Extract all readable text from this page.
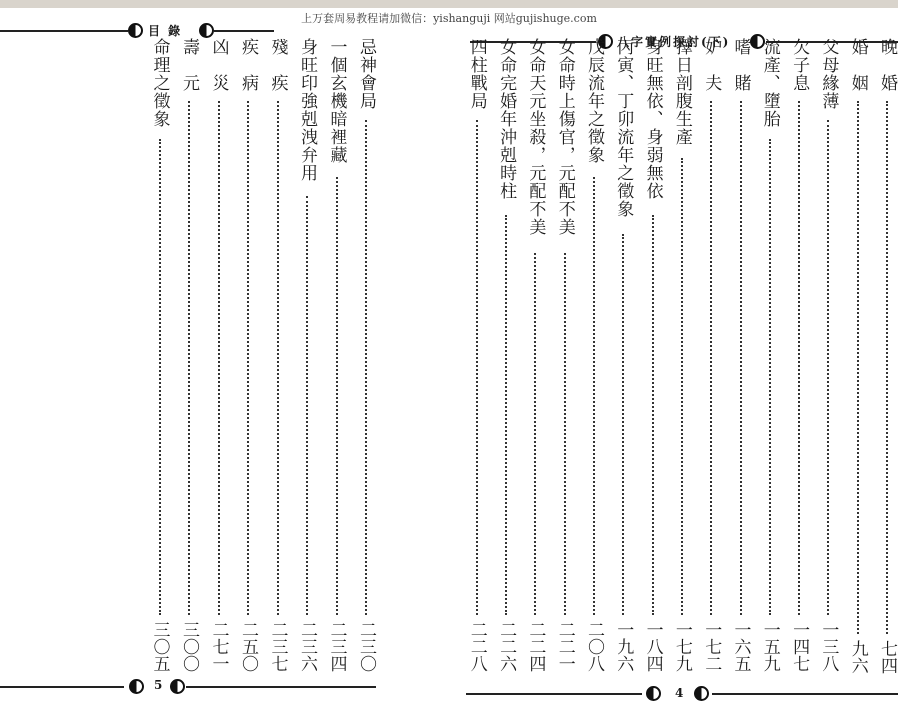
上万套周易教程请加微信：yishanguji 网站gujishuge.com
目 錄
忌神會局
二三〇
一個玄機暗裡藏
二三四
身旺印強剋洩弁用
二三六
殘　疾
二三七
疾　病
二五〇
凶　災
二七一
壽　元
三〇〇
命理之徵象
三〇五
5
八字實例探討(下)	晚　婚
七四
婚　姻
九六
父母緣薄
一三八
欠子息
一四七
流產、墮胎
一五九
嗜　賭
一六五
妒　夫
一七二
擇日剖腹生產
一七九
身旺無依、身弱無依
一八四
丙寅、丁卯流年之徵象
一九六
戊辰流年之徵象
二〇八
女命時上傷官，元配不美
二二一
女命天元坐殺，元配不美
二二四
女命完婚年沖剋時柱
二二六
四柱戰局
二二八
4
